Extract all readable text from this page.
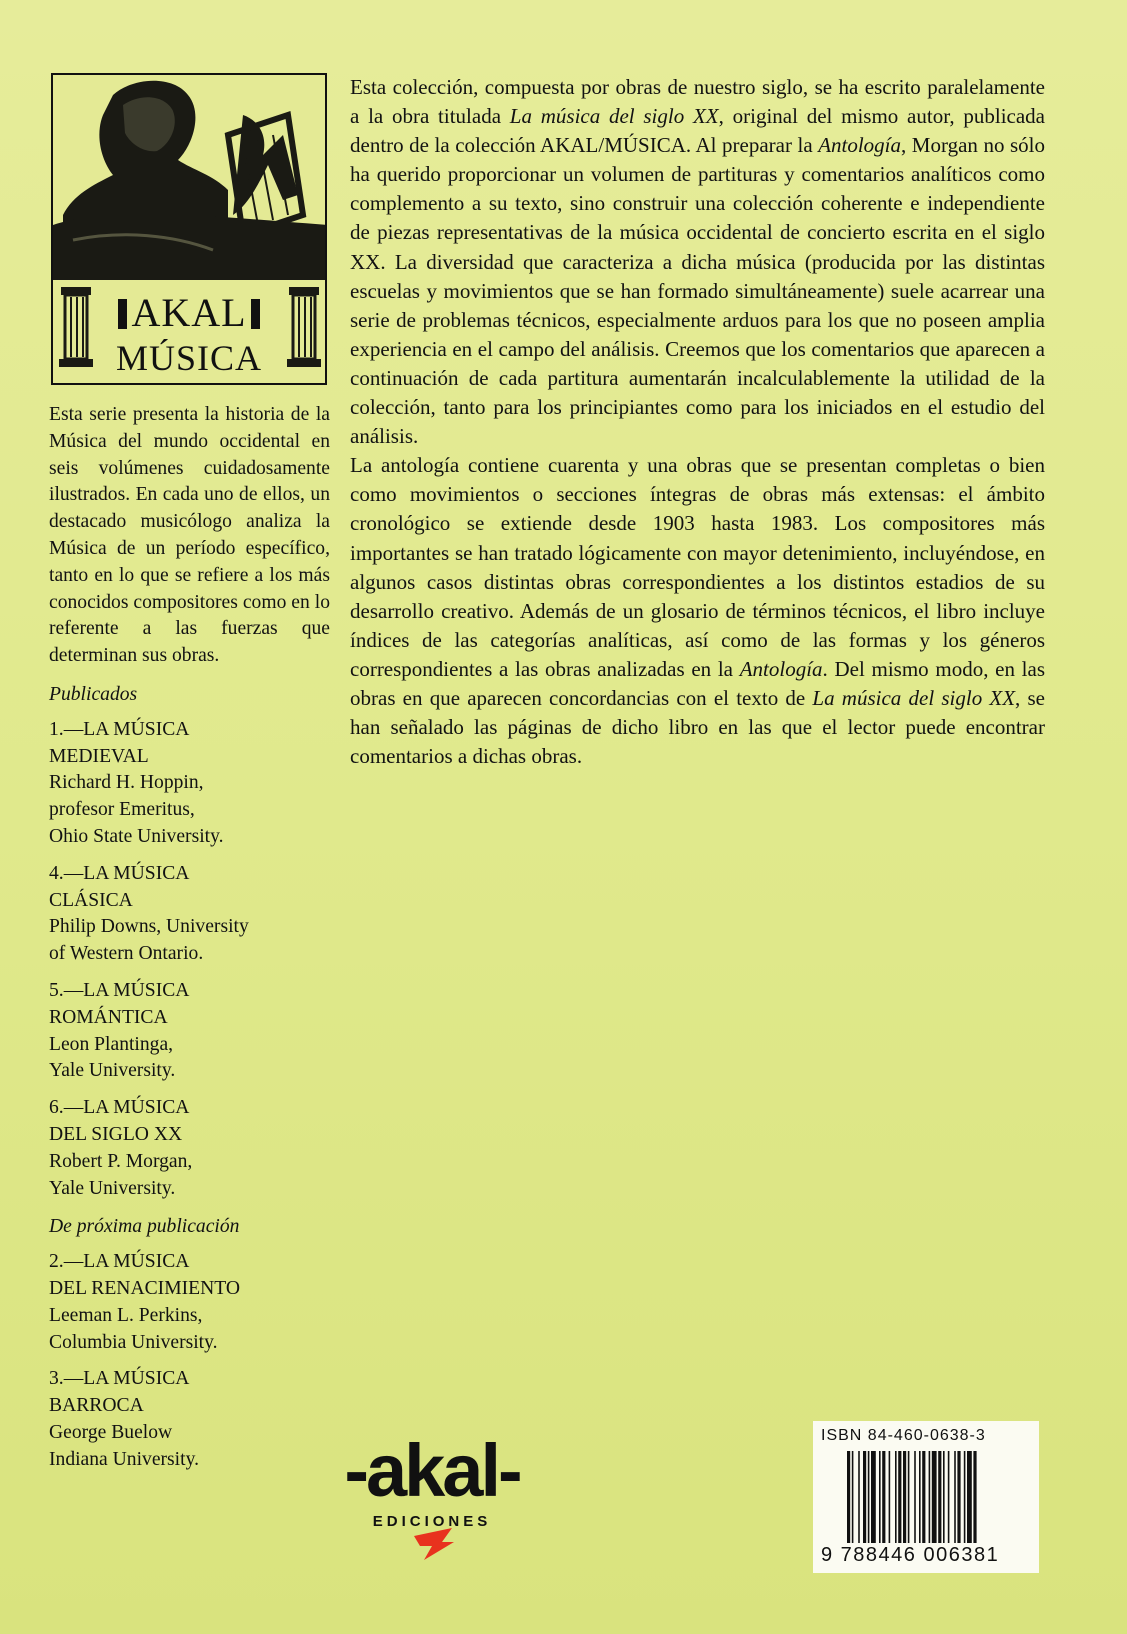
AKAL
MÚSICA

Esta serie presenta la historia de la Música del mundo occidental en seis volúmenes cuidadosamente ilustrados. En cada uno de ellos, un destacado musicólogo analiza la Música de un período específico, tanto en lo que se refiere a los más conocidos compositores como en lo referente a las fuerzas que determinan sus obras.

Publicados
1.—LA MÚSICA
MEDIEVAL
Richard H. Hoppin,
profesor Emeritus,
Ohio State University.
4.—LA MÚSICA
CLÁSICA
Philip Downs, University
of Western Ontario.
5.—LA MÚSICA
ROMÁNTICA
Leon Plantinga,
Yale University.
6.—LA MÚSICA
DEL SIGLO XX
Robert P. Morgan,
Yale University.
De próxima publicación
2.—LA MÚSICA
DEL RENACIMIENTO
Leeman L. Perkins,
Columbia University.
3.—LA MÚSICA
BARROCA
George Buelow
Indiana University.

Esta colección, compuesta por obras de nuestro siglo, se ha escrito paralelamente a la obra titulada La música del siglo XX, original del mismo autor, publicada dentro de la colección AKAL/MÚSICA. Al preparar la Antología, Morgan no sólo ha querido proporcionar un volumen de partituras y comentarios analíticos como complemento a su texto, sino construir una colección coherente e independiente de piezas representativas de la música occidental de concierto escrita en el siglo XX. La diversidad que caracteriza a dicha música (producida por las distintas escuelas y movimientos que se han formado simultáneamente) suele acarrear una serie de problemas técnicos, especialmente arduos para los que no poseen amplia experiencia en el campo del análisis. Creemos que los comentarios que aparecen a continuación de cada partitura aumentarán incalculablemente la utilidad de la colección, tanto para los principiantes como para los iniciados en el estudio del análisis.

La antología contiene cuarenta y una obras que se presentan completas o bien como movimientos o secciones íntegras de obras más extensas: el ámbito cronológico se extiende desde 1903 hasta 1983. Los compositores más importantes se han tratado lógicamente con mayor detenimiento, incluyéndose, en algunos casos distintas obras correspondientes a los distintos estadios de su desarrollo creativo. Además de un glosario de términos técnicos, el libro incluye índices de las categorías analíticas, así como de las formas y los géneros correspondientes a las obras analizadas en la Antología. Del mismo modo, en las obras en que aparecen concordancias con el texto de La música del siglo XX, se han señalado las páginas de dicho libro en las que el lector puede encontrar comentarios a dichas obras.

-akal-
EDICIONES
ISBN 84-460-0638-3
9 788446 006381
